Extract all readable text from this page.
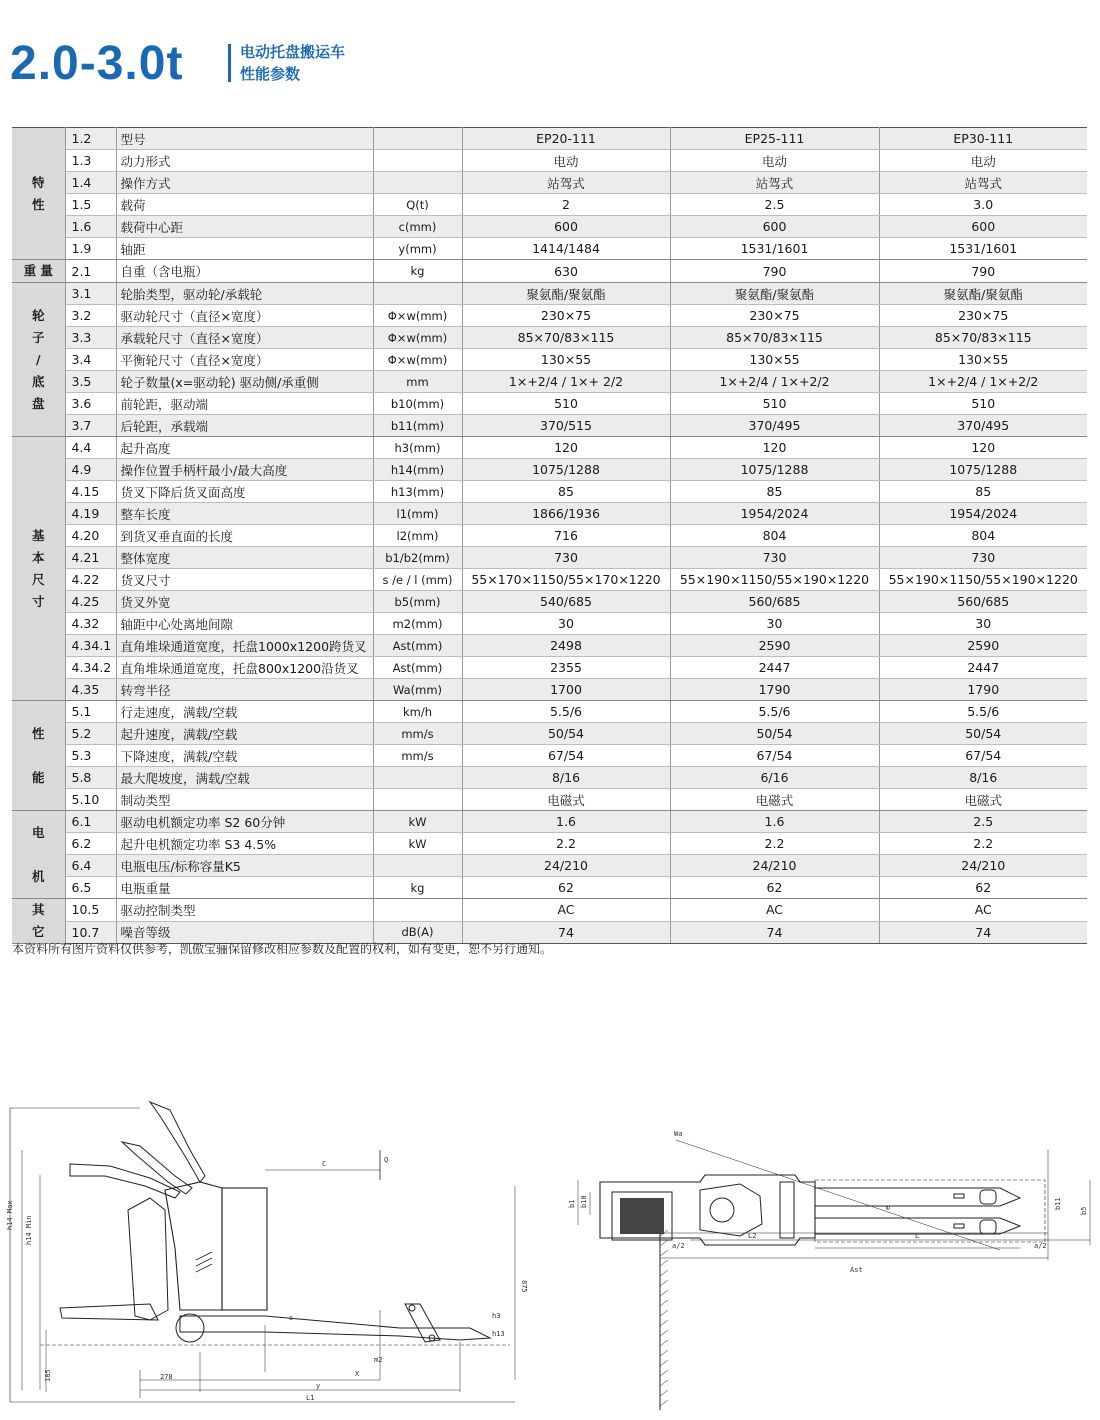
2.0-3.0t	电动托盘搬运车
性能参数
特
性	1.2	型号		EP20-111	EP25-111	EP30-111
	1.3	动力形式		电动	电动	电动
	1.4	操作方式		站驾式	站驾式	站驾式
	1.5	载荷	Q(t)	2	2.5	3.0
	1.6	载荷中心距	c(mm)	600	600	600
	1.9	轴距	y(mm)	1414/1484	1531/1601	1531/1601
重 量	2.1	自重（含电瓶）	kg	630	790	790
轮
子
/
底
盘	3.1	轮胎类型，驱动轮/承载轮		聚氨酯/聚氨酯	聚氨酯/聚氨酯	聚氨酯/聚氨酯
	3.2	驱动轮尺寸（直径×宽度）	Φ×w(mm)	230×75	230×75	230×75
	3.3	承载轮尺寸（直径×宽度）	Φ×w(mm)	85×70/83×115	85×70/83×115	85×70/83×115
	3.4	平衡轮尺寸（直径×宽度）	Φ×w(mm)	130×55	130×55	130×55
	3.5	轮子数量(x=驱动轮) 驱动侧/承重侧	mm	1×+2/4 / 1×+ 2/2	1×+2/4 / 1×+2/2	1×+2/4 / 1×+2/2
	3.6	前轮距，驱动端	b10(mm)	510	510	510
	3.7	后轮距，承载端	b11(mm)	370/515	370/495	370/495
基
本
尺
寸	4.4	起升高度	h3(mm)	120	120	120
	4.9	操作位置手柄杆最小/最大高度	h14(mm)	1075/1288	1075/1288	1075/1288
	4.15	货叉下降后货叉面高度	h13(mm)	85	85	85
	4.19	整车长度	l1(mm)	1866/1936	1954/2024	1954/2024
	4.20	到货叉垂直面的长度	l2(mm)	716	804	804
	4.21	整体宽度	b1/b2(mm)	730	730	730
	4.22	货叉尺寸	s /e / l (mm)	55×170×1150/55×170×1220	55×190×1150/55×190×1220	55×190×1150/55×190×1220
	4.25	货叉外宽	b5(mm)	540/685	560/685	560/685
	4.32	轴距中心处离地间隙	m2(mm)	30	30	30
	4.34.1	直角堆垛通道宽度，托盘1000x1200跨货叉	Ast(mm)	2498	2590	2590
	4.34.2	直角堆垛通道宽度，托盘800x1200沿货叉	Ast(mm)	2355	2447	2447
	4.35	转弯半径	Wa(mm)	1700	1790	1790
性

能	5.1	行走速度，满载/空载	km/h	5.5/6	5.5/6	5.5/6
	5.2	起升速度，满载/空载	mm/s	50/54	50/54	50/54
	5.3	下降速度，满载/空载	mm/s	67/54	67/54	67/54
	5.8	最大爬坡度，满载/空载		8/16	6/16	8/16
	5.10	制动类型		电磁式	电磁式	电磁式
电

机	6.1	驱动电机额定功率 S2 60分钟	kW	1.6	1.6	2.5
	6.2	起升电机额定功率 S3 4.5%	kW	2.2	2.2	2.2
	6.4	电瓶电压/标称容量K5		24/210	24/210	24/210
	6.5	电瓶重量	kg	62	62	62
其
它	10.5	驱动控制类型		AC	AC	AC
	10.7	噪音等级	dB(A)	74	74	74
本资料所有图片资料仅供参考，凯傲宝骊保留修改相应参数及配置的权利，如有变更，恕不另行通知。
h14 Max
h14 Min
C	Q
875
185
s	h3
h13
X
m2
y
278
L1
Wa
b1 b10	b11
b5
e
L2	L
a/2	a/2
Ast
